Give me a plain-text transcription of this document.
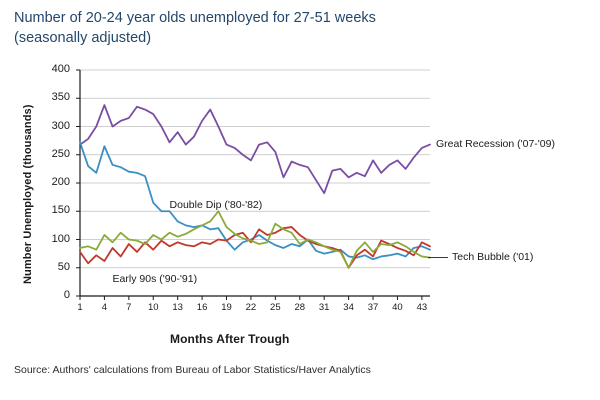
Number of 20-24 year olds unemployed for 27-51 weeks
(seasonally adjusted)
Number Unemployed (thousands)
Months After Trough
0
50
100
150
200
250
300
350
400
1	4	7	10 13 16 19 22 25 28 31 34 37 40 43
Great Recession ('07-'09)
Tech Bubble ('01)
Double Dip ('80-'82)
Early 90s ('90-'91)
Source: Authors' calculations from Bureau of Labor Statistics/Haver Analytics
